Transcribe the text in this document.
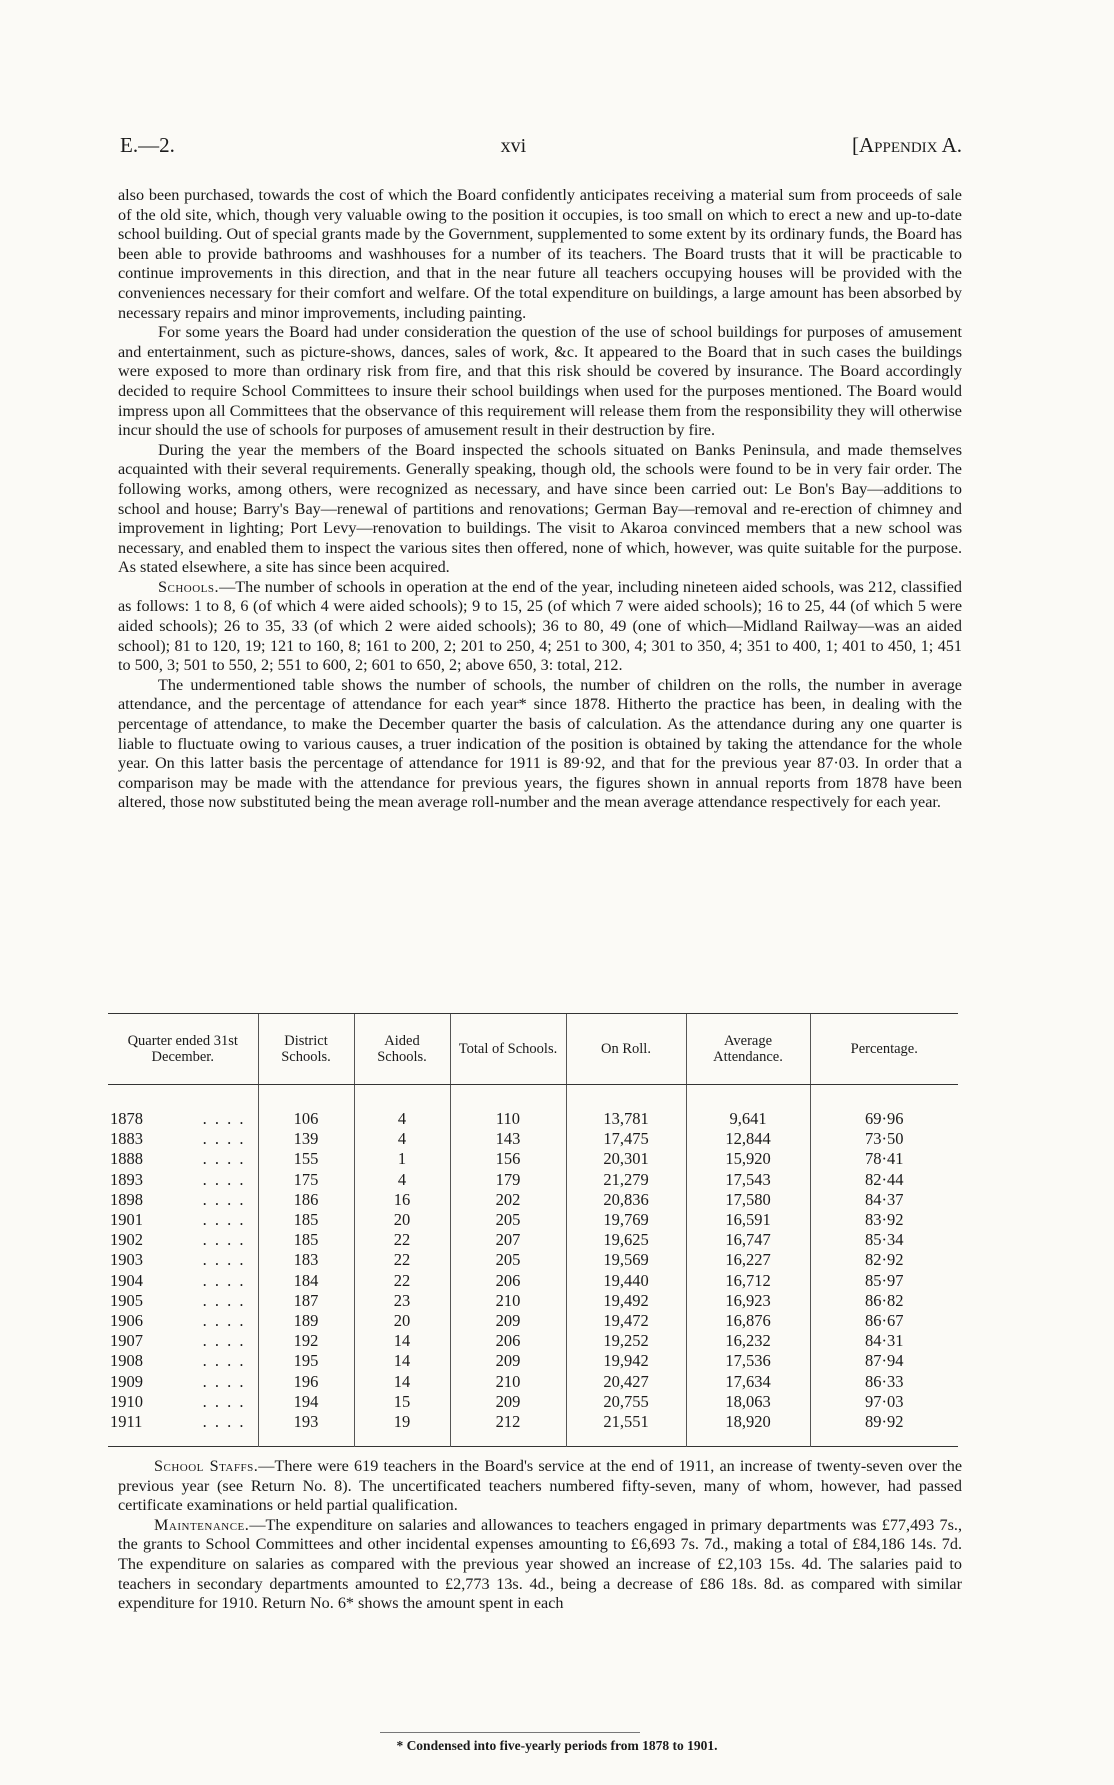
E.—2.	xvi	[Appendix A.

also been purchased, towards the cost of which the Board confidently anticipates receiving a material sum from proceeds of sale of the old site, which, though very valuable owing to the position it occupies, is too small on which to erect a new and up-to-date school building. Out of special grants made by the Government, supplemented to some extent by its ordinary funds, the Board has been able to provide bathrooms and washhouses for a number of its teachers. The Board trusts that it will be practicable to continue improvements in this direction, and that in the near future all teachers occupying houses will be provided with the conveniences necessary for their comfort and welfare. Of the total expenditure on buildings, a large amount has been absorbed by necessary repairs and minor improvements, including painting.

For some years the Board had under consideration the question of the use of school buildings for purposes of amusement and entertainment, such as picture-shows, dances, sales of work, &c. It appeared to the Board that in such cases the buildings were exposed to more than ordinary risk from fire, and that this risk should be covered by insurance. The Board accordingly decided to require School Committees to insure their school buildings when used for the purposes mentioned. The Board would impress upon all Committees that the observance of this requirement will release them from the responsibility they will otherwise incur should the use of schools for purposes of amusement result in their destruction by fire.

During the year the members of the Board inspected the schools situated on Banks Peninsula, and made themselves acquainted with their several requirements. Generally speaking, though old, the schools were found to be in very fair order. The following works, among others, were recognized as necessary, and have since been carried out: Le Bon's Bay—additions to school and house; Barry's Bay—renewal of partitions and renovations; German Bay—removal and re-erection of chimney and improvement in lighting; Port Levy—renovation to buildings. The visit to Akaroa convinced members that a new school was necessary, and enabled them to inspect the various sites then offered, none of which, however, was quite suitable for the purpose. As stated elsewhere, a site has since been acquired.

Schools.—The number of schools in operation at the end of the year, including nineteen aided schools, was 212, classified as follows: 1 to 8, 6 (of which 4 were aided schools); 9 to 15, 25 (of which 7 were aided schools); 16 to 25, 44 (of which 5 were aided schools); 26 to 35, 33 (of which 2 were aided schools); 36 to 80, 49 (one of which—Midland Railway—was an aided school); 81 to 120, 19; 121 to 160, 8; 161 to 200, 2; 201 to 250, 4; 251 to 300, 4; 301 to 350, 4; 351 to 400, 1; 401 to 450, 1; 451 to 500, 3; 501 to 550, 2; 551 to 600, 2; 601 to 650, 2; above 650, 3: total, 212.

The undermentioned table shows the number of schools, the number of children on the rolls, the number in average attendance, and the percentage of attendance for each year* since 1878. Hitherto the practice has been, in dealing with the percentage of attendance, to make the December quarter the basis of calculation. As the attendance during any one quarter is liable to fluctuate owing to various causes, a truer indication of the position is obtained by taking the attendance for the whole year. On this latter basis the percentage of attendance for 1911 is 89·92, and that for the previous year 87·03. In order that a comparison may be made with the attendance for previous years, the figures shown in annual reports from 1878 have been altered, those now substituted being the mean average roll-number and the mean average attendance respectively for each year.

Quarter ended 31st December.	District Schools.	Aided Schools.	Total of Schools.	On Roll.	Average Attendance.	Percentage.

. . . .
1878	106	4	110	13,781	9,641	69·96

. . . .
1883	139	4	143	17,475	12,844	73·50

. . . .
1888	155	1	156	20,301	15,920	78·41

. . . .
1893	175	4	179	21,279	17,543	82·44

. . . .
1898	186	16	202	20,836	17,580	84·37

. . . .
1901	185	20	205	19,769	16,591	83·92

. . . .
1902	185	22	207	19,625	16,747	85·34

. . . .
1903	183	22	205	19,569	16,227	82·92

. . . .
1904	184	22	206	19,440	16,712	85·97

. . . .
1905	187	23	210	19,492	16,923	86·82

. . . .
1906	189	20	209	19,472	16,876	86·67

. . . .
1907	192	14	206	19,252	16,232	84·31

. . . .
1908	195	14	209	19,942	17,536	87·94

. . . .
1909	196	14	210	20,427	17,634	86·33

. . . .
1910	194	15	209	20,755	18,063	97·03

. . . .
1911	193	19	212	21,551	18,920	89·92

School Staffs.—There were 619 teachers in the Board's service at the end of 1911, an increase of twenty-seven over the previous year (see Return No. 8). The uncertificated teachers numbered fifty-seven, many of whom, however, had passed certificate examinations or held partial qualification.

Maintenance.—The expenditure on salaries and allowances to teachers engaged in primary departments was £77,493 7s., the grants to School Committees and other incidental expenses amounting to £6,693 7s. 7d., making a total of £84,186 14s. 7d. The expenditure on salaries as compared with the previous year showed an increase of £2,103 15s. 4d. The salaries paid to teachers in secondary departments amounted to £2,773 13s. 4d., being a decrease of £86 18s. 8d. as compared with similar expenditure for 1910. Return No. 6* shows the amount spent in each

* Condensed into five-yearly periods from 1878 to 1901.
